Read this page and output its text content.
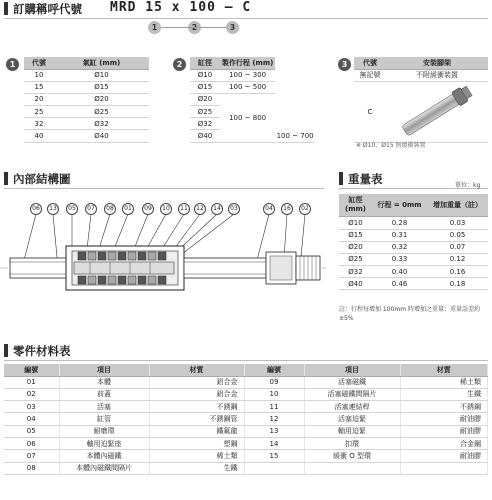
訂購稱呼代號 MRD 15 x 100 – C
1	3
1	代號	氣缸 (mm)
10	Ø10
15	Ø15
20	Ø20
25	Ø25
32	Ø32
40	Ø40
2	缸徑	製作行程 (mm)	
Ø10	100 ~ 300	
Ø15	100 ~ 500	
Ø20	100 ~ 800	
Ø25		
Ø32		
Ø40		100 ~ 700
3	代號	安裝腳架
無記號	不附緩衝裝置
C	
※ Ø10、Ø15 無緩衝裝置
內部結構圖
06	13	05	07	08	01	09	10	11	12	14	03	04	16	02
重量表	單位：kg
缸徑
(mm)	行程 = 0mm	增加重量（註）
Ø10	0.28	0.03
Ø15	0.31	0.05
Ø20	0.32	0.07
Ø25	0.33	0.12
Ø32	0.40	0.16
Ø40	0.46	0.18
註：行程每增加 100mm 時增加之重量；重量誤差約 ±5%
零件材料表
編號	項目	材質	編號	項目	材質
01	本體	鋁合金	09	活塞磁鐵	稀土類
02	前蓋	鋁合金	10	活塞磁鐵間隔片	生鐵
03	活塞	不銹鋼	11	活塞連結桿	不銹鋼
04	缸管	不銹鋼管	12	活塞迫緊	耐油膠
05	耐磨環	鐵氟龍	13	軸用迫緊	耐油膠
06	軸用迫緊座	塑鋼	14	扣環	合金鋼
07	本體內磁鐵	稀土類	15	緩衝 O 型環	耐油膠
08	本體內磁鐵間隔片	生鐵			
